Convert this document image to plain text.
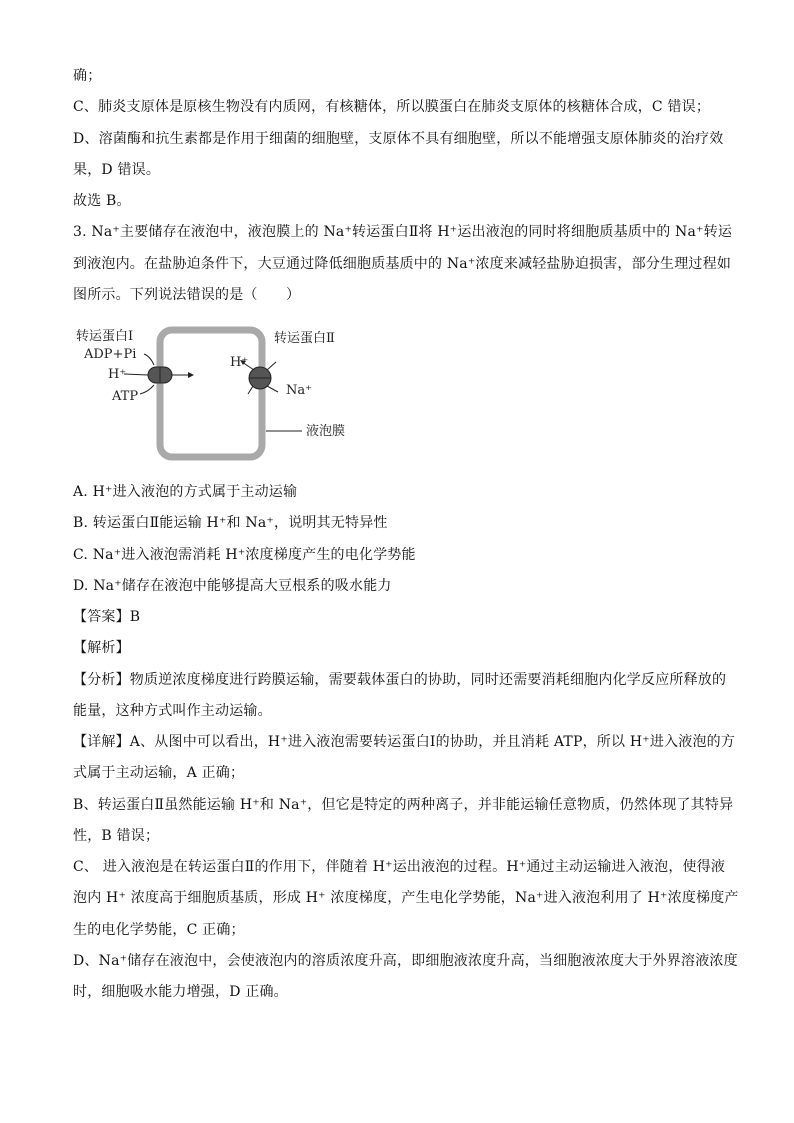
确；
C、肺炎支原体是原核生物没有内质网，有核糖体，所以膜蛋白在肺炎支原体的核糖体合成，C 错误；
D、溶菌酶和抗生素都是作用于细菌的细胞壁，支原体不具有细胞壁，所以不能增强支原体肺炎的治疗效
果，D 错误。
故选 B。
3. Na⁺主要储存在液泡中，液泡膜上的 Na⁺转运蛋白Ⅱ将 H⁺运出液泡的同时将细胞质基质中的 Na⁺转运
到液泡内。在盐胁迫条件下，大豆通过降低细胞质基质中的 Na⁺浓度来减轻盐胁迫损害，部分生理过程如
图所示。下列说法错误的是（　　）
转运蛋白Ⅰ
ADP+Pi
H⁺
ATP
转运蛋白Ⅱ
H⁺
Na⁺
液泡膜
A. H⁺进入液泡的方式属于主动运输
B. 转运蛋白Ⅱ能运输 H⁺和 Na⁺，说明其无特异性
C. Na⁺进入液泡需消耗 H⁺浓度梯度产生的电化学势能
D. Na⁺储存在液泡中能够提高大豆根系的吸水能力
【答案】B
【解析】
【分析】物质逆浓度梯度进行跨膜运输，需要载体蛋白的协助，同时还需要消耗细胞内化学反应所释放的
能量，这种方式叫作主动运输。
【详解】A、从图中可以看出，H⁺进入液泡需要转运蛋白Ⅰ的协助，并且消耗 ATP，所以 H⁺进入液泡的方
式属于主动运输，A 正确；
B、转运蛋白Ⅱ虽然能运输 H⁺和 Na⁺，但它是特定的两种离子，并非能运输任意物质，仍然体现了其特异
性，B 错误；
C、 进入液泡是在转运蛋白Ⅱ的作用下，伴随着 H⁺运出液泡的过程。H⁺通过主动运输进入液泡，使得液
泡内 H⁺ 浓度高于细胞质基质，形成 H⁺ 浓度梯度，产生电化学势能，Na⁺进入液泡利用了 H⁺浓度梯度产
生的电化学势能，C 正确；
D、Na⁺储存在液泡中，会使液泡内的溶质浓度升高，即细胞液浓度升高，当细胞液浓度大于外界溶液浓度
时，细胞吸水能力增强，D 正确。
